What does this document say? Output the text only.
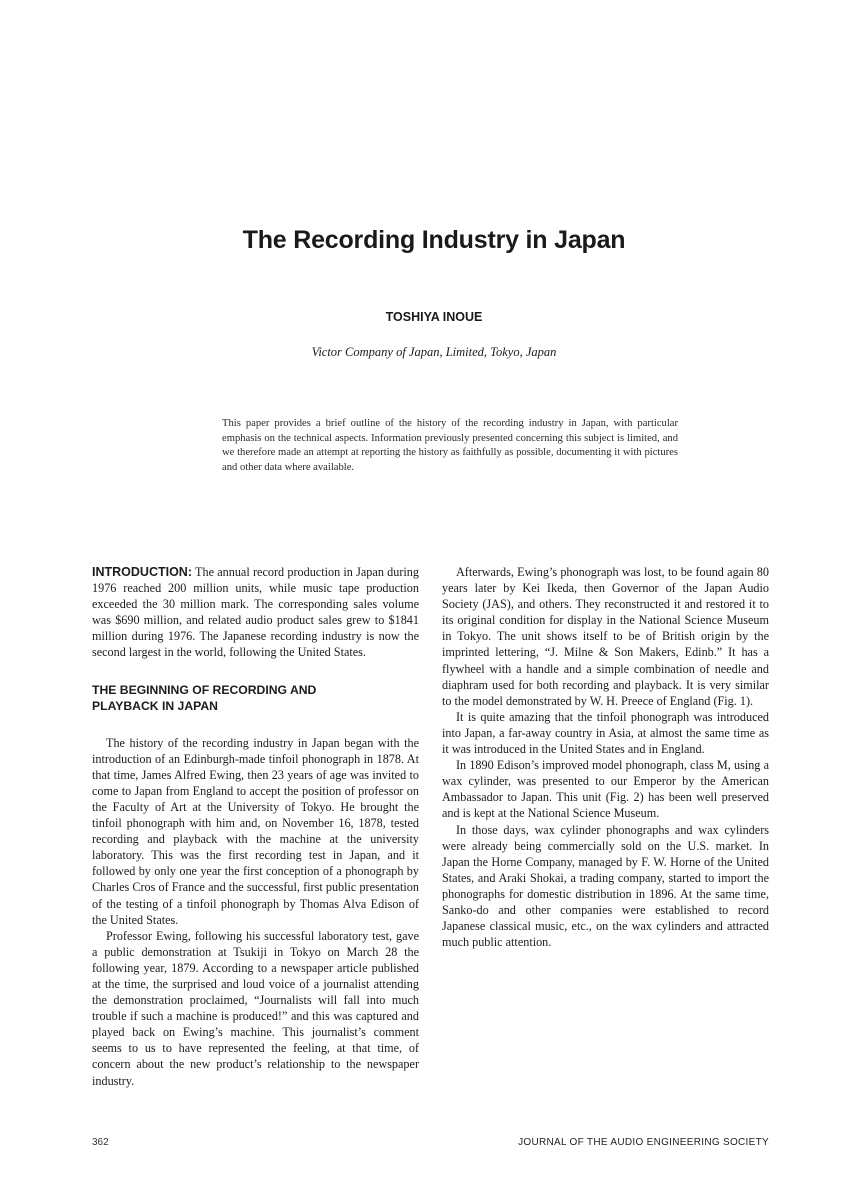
The Recording Industry in Japan
TOSHIYA INOUE
Victor Company of Japan, Limited, Tokyo, Japan
This paper provides a brief outline of the history of the recording industry in Japan, with particular emphasis on the technical aspects. Information previously presented concerning this subject is limited, and we therefore made an attempt at reporting the history as faithfully as possible, documenting it with pictures and other data where available.

INTRODUCTION: The annual record production in Japan during 1976 reached 200 million units, while music tape production exceeded the 30 million mark. The corresponding sales volume was $690 million, and related audio product sales grew to $1841 million during 1976. The Japanese recording industry is now the second largest in the world, following the United States.

THE BEGINNING OF RECORDING AND
PLAYBACK IN JAPAN

The history of the recording industry in Japan began with the introduction of an Edinburgh-made tinfoil phonograph in 1878. At that time, James Alfred Ewing, then 23 years of age was invited to come to Japan from England to accept the position of professor on the Faculty of Art at the University of Tokyo. He brought the tinfoil phonograph with him and, on November 16, 1878, tested recording and playback with the machine at the university laboratory. This was the first recording test in Japan, and it followed by only one year the first conception of a phonograph by Charles Cros of France and the successful, first public presentation of the testing of a tinfoil phonograph by Thomas Alva Edison of the United States.

Professor Ewing, following his successful laboratory test, gave a public demonstration at Tsukiji in Tokyo on March 28 the following year, 1879. According to a newspaper article published at the time, the surprised and loud voice of a journalist attending the demonstration proclaimed, “Journalists will fall into much trouble if such a machine is produced!” and this was captured and played back on Ewing’s machine. This journalist’s comment seems to us to have represented the feeling, at that time, of concern about the new product’s relationship to the newspaper industry.

Afterwards, Ewing’s phonograph was lost, to be found again 80 years later by Kei Ikeda, then Governor of the Japan Audio Society (JAS), and others. They reconstructed it and restored it to its original condition for display in the National Science Museum in Tokyo. The unit shows itself to be of British origin by the imprinted lettering, “J. Milne & Son Makers, Edinb.” It has a flywheel with a handle and a simple combination of needle and diaphram used for both recording and playback. It is very similar to the model demonstrated by W. H. Preece of England (Fig. 1).

It is quite amazing that the tinfoil phonograph was introduced into Japan, a far-away country in Asia, at almost the same time as it was introduced in the United States and in England.

In 1890 Edison’s improved model phonograph, class M, using a wax cylinder, was presented to our Emperor by the American Ambassador to Japan. This unit (Fig. 2) has been well preserved and is kept at the National Science Museum.

In those days, wax cylinder phonographs and wax cylinders were already being commercially sold on the U.S. market. In Japan the Horne Company, managed by F. W. Horne of the United States, and Araki Shokai, a trading company, started to import the phonographs for domestic distribution in 1896. At the same time, Sanko-do and other companies were established to record Japanese classical music, etc., on the wax cylinders and attracted much public attention.

362	JOURNAL OF THE AUDIO ENGINEERING SOCIETY
